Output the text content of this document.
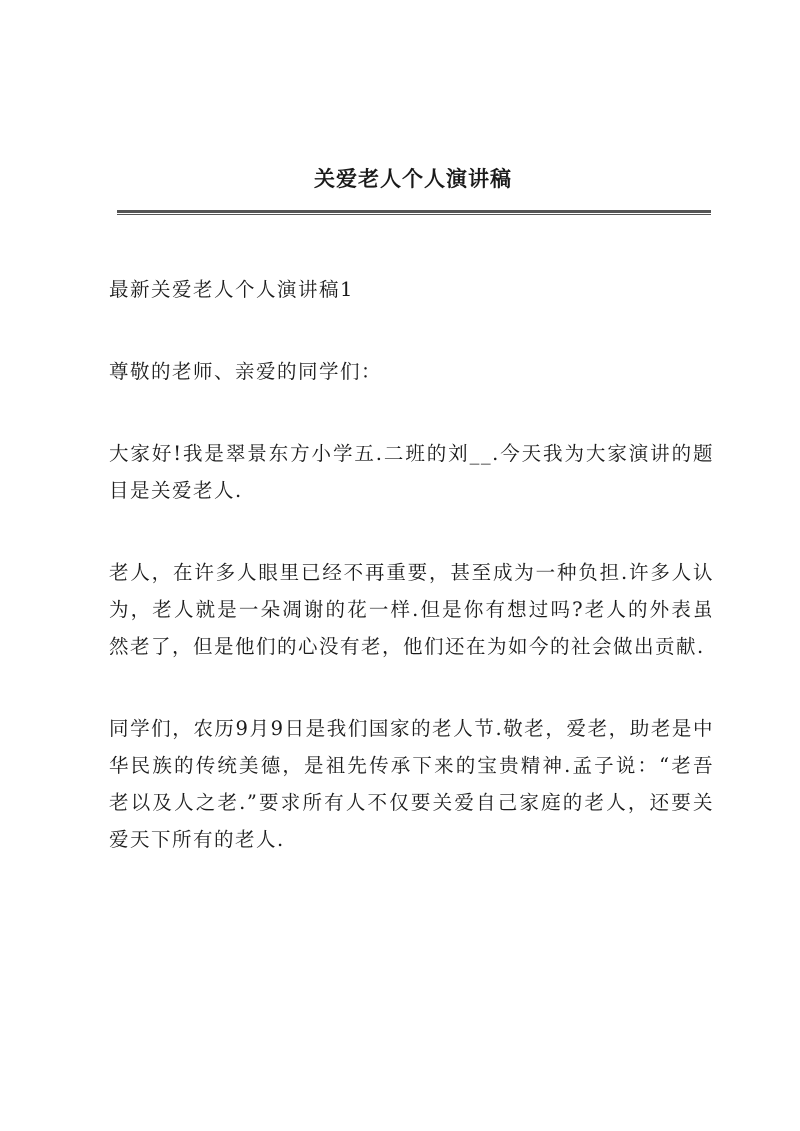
关爱老人个人演讲稿

最新关爱老人个人演讲稿1

尊敬的老师、亲爱的同学们：

大家好!我是翠景东方小学五.二班的刘__.今天我为大家演讲的题目是关爱老人.

老人，在许多人眼里已经不再重要，甚至成为一种负担.许多人认为，老人就是一朵凋谢的花一样.但是你有想过吗?老人的外表虽然老了，但是他们的心没有老，他们还在为如今的社会做出贡献.

同学们，农历9月9日是我们国家的老人节.敬老，爱老，助老是中华民族的传统美德，是祖先传承下来的宝贵精神.孟子说：“老吾老以及人之老.”要求所有人不仅要关爱自己家庭的老人，还要关爱天下所有的老人.
